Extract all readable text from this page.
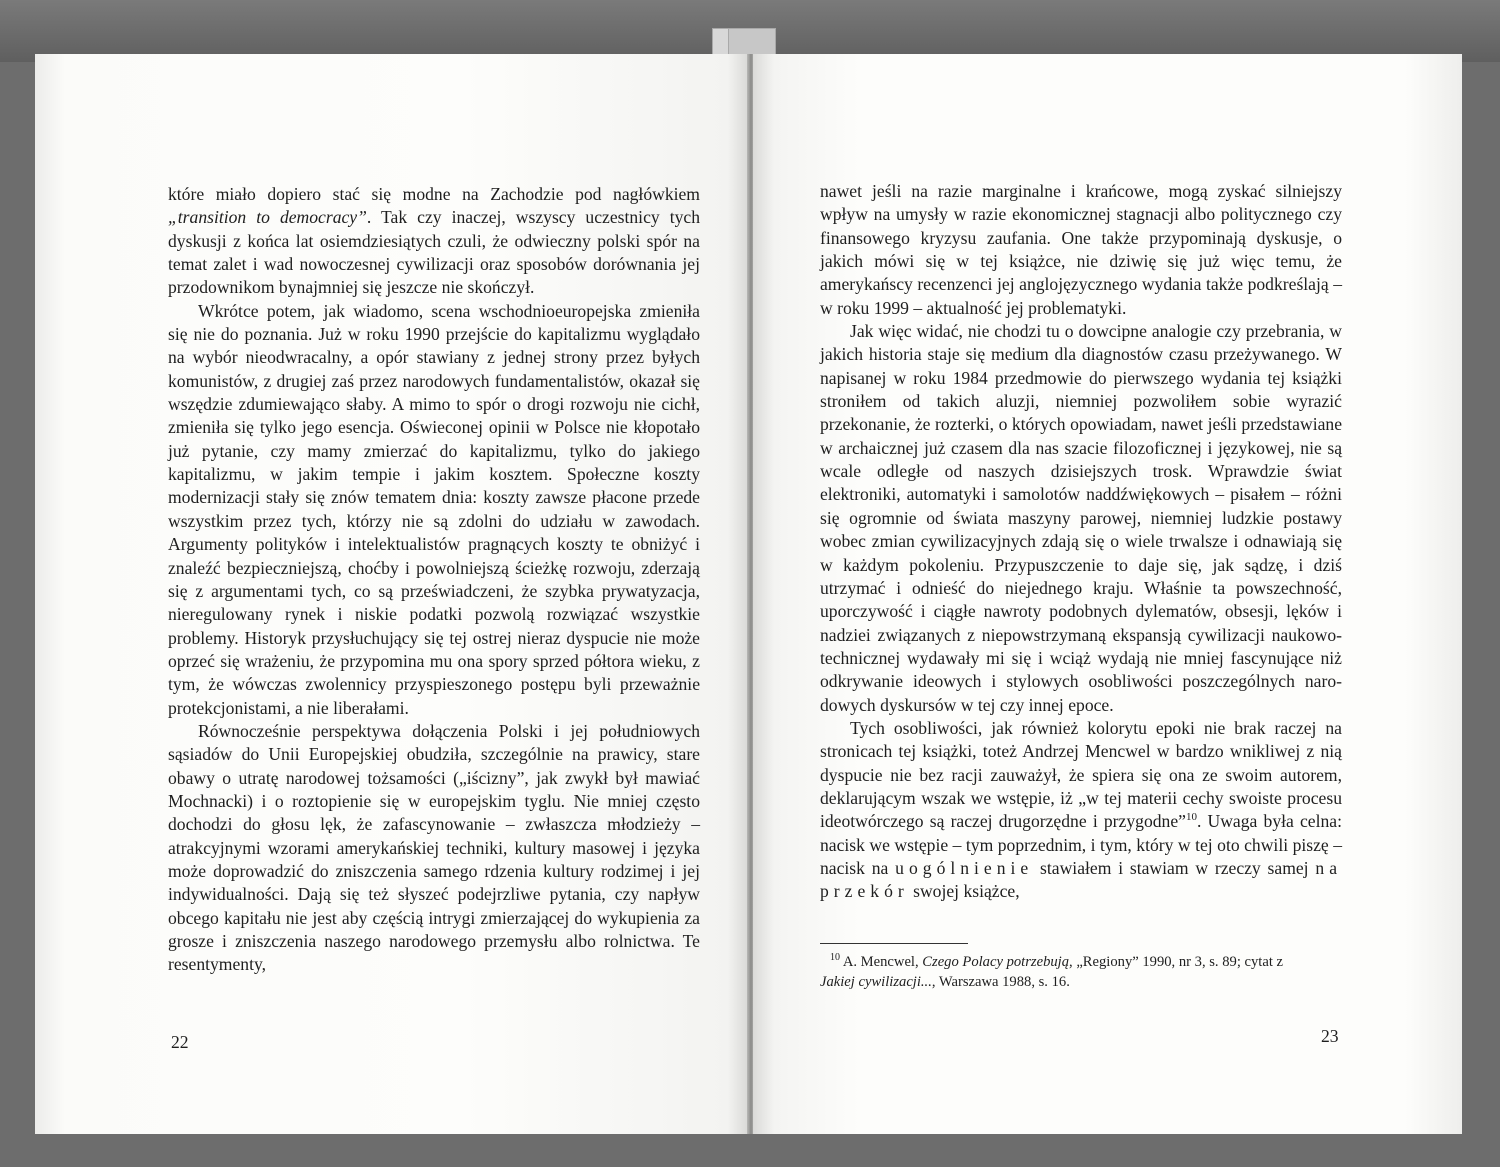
które miało dopiero stać się modne na Zachodzie pod nagłówkiem „transition to democracy”. Tak czy inaczej, wszyscy uczestnicy tych dyskusji z końca lat osiemdziesiątych czuli, że odwieczny polski spór na temat zalet i wad nowoczesnej cywilizacji oraz sposobów dorównania jej przodownikom bynajmniej się jeszcze nie skończył.

Wkrótce potem, jak wiadomo, scena wschodnioeuropejska zmieniła się nie do poznania. Już w roku 1990 przejście do kapitalizmu wyglądało na wybór nieodwracalny, a opór stawiany z jednej strony przez byłych komunistów, z drugiej zaś przez narodowych fundamentalistów, okazał się wszędzie zdumiewająco słaby. A mimo to spór o drogi rozwoju nie cichł, zmieniła się tylko jego esencja. Oświeconej opinii w Polsce nie kłopotało już pytanie, czy mamy zmierzać do kapitalizmu, tylko do jakiego kapitalizmu, w jakim tempie i jakim kosztem. Społeczne koszty modernizacji stały się znów tematem dnia: koszty zawsze płacone przede wszystkim przez tych, którzy nie są zdolni do udziału w zawodach. Argumenty polityków i intelektualistów pragnących koszty te obniżyć i znaleźć bezpieczniejszą, choćby i powolniejszą ścieżkę rozwoju, zderzają się z argumentami tych, co są przeświadczeni, że szybka prywatyzacja, nieregulowany rynek i niskie podatki pozwolą rozwiązać wszystkie problemy. Historyk przysłuchujący się tej ostrej nieraz dyspucie nie może oprzeć się wrażeniu, że przypomina mu ona spory sprzed półtora wieku, z tym, że wówczas zwolennicy przyspieszonego postępu byli przeważnie protekcjonistami, a nie liberałami.

Równocześnie perspektywa dołączenia Polski i jej południowych sąsiadów do Unii Europejskiej obudziła, szczególnie na prawicy, stare obawy o utratę narodowej tożsamości („iścizny”, jak zwykł był mawiać Mochnacki) i o roztopienie się w europejskim tyglu. Nie mniej często dochodzi do głosu lęk, że zafascynowanie – zwłaszcza młodzieży – atrakcyjnymi wzorami amerykańskiej techniki, kultury masowej i języka może doprowadzić do zniszczenia samego rdzenia kultury rodzimej i jej indywidualności. Dają się też słyszeć podejrzliwe pytania, czy napływ obcego kapitału nie jest aby częścią intrygi zmierzającej do wykupienia za grosze i zniszczenia naszego narodowego przemysłu albo rolnictwa. Te resentymenty,

22

nawet jeśli na razie marginalne i krańcowe, mogą zyskać silniejszy wpływ na umysły w razie ekonomicznej stagnacji albo politycznego czy finansowego kryzysu zaufania. One także przypominają dyskusje, o jakich mówi się w tej książce, nie dziwię się już więc temu, że amerykańscy recenzenci jej anglojęzycznego wydania także podkreślają – w roku 1999 – aktualność jej problematyki.

Jak więc widać, nie chodzi tu o dowcipne analogie czy przebrania, w jakich historia staje się medium dla diagnostów czasu przeżywanego. W napisanej w roku 1984 przedmowie do pierwszego wydania tej książki stroniłem od takich aluzji, niemniej pozwoliłem sobie wyrazić przekonanie, że rozterki, o których opowiadam, nawet jeśli przedstawiane w archaicznej już czasem dla nas szacie filozoficznej i językowej, nie są wcale odległe od naszych dzisiejszych trosk. Wprawdzie świat elektroniki, automatyki i samolotów naddźwiękowych – pisałem – różni się ogromnie od świata maszyny parowej, niemniej ludzkie postawy wobec zmian cywilizacyjnych zdają się o wiele trwalsze i odnawiają się w każdym pokoleniu. Przypuszczenie to daje się, jak sądzę, i dziś utrzymać i odnieść do niejednego kraju. Właśnie ta powszechność, uporczywość i ciągłe nawroty podobnych dylematów, obsesji, lęków i nadziei związanych z niepowstrzymaną ekspansją cywilizacji naukowo-technicznej wydawały mi się i wciąż wydają nie mniej fascynujące niż odkrywanie ideowych i stylowych osobliwości poszczególnych narodowych dyskursów w tej czy innej epoce.

Tych osobliwości, jak również kolorytu epoki nie brak raczej na stronicach tej książki, toteż Andrzej Mencwel w bardzo wnikliwej z nią dyspucie nie bez racji zauważył, że spiera się ona ze swoim autorem, deklarującym wszak we wstępie, iż „w tej materii cechy swoiste procesu ideotwórczego są raczej drugorzędne i przygodne”$^{10}$. Uwaga była celna: nacisk we wstępie – tym poprzednim, i tym, który w tej oto chwili piszę – nacisk na uogólnienie stawiałem i stawiam w rzeczy samej na przekór swojej książce,

$^{10}$ A. Mencwel, Czego Polacy potrzebują, „Regiony” 1990, nr 3, s. 89; cytat z Jakiej cywilizacji..., Warszawa 1988, s. 16.

23
